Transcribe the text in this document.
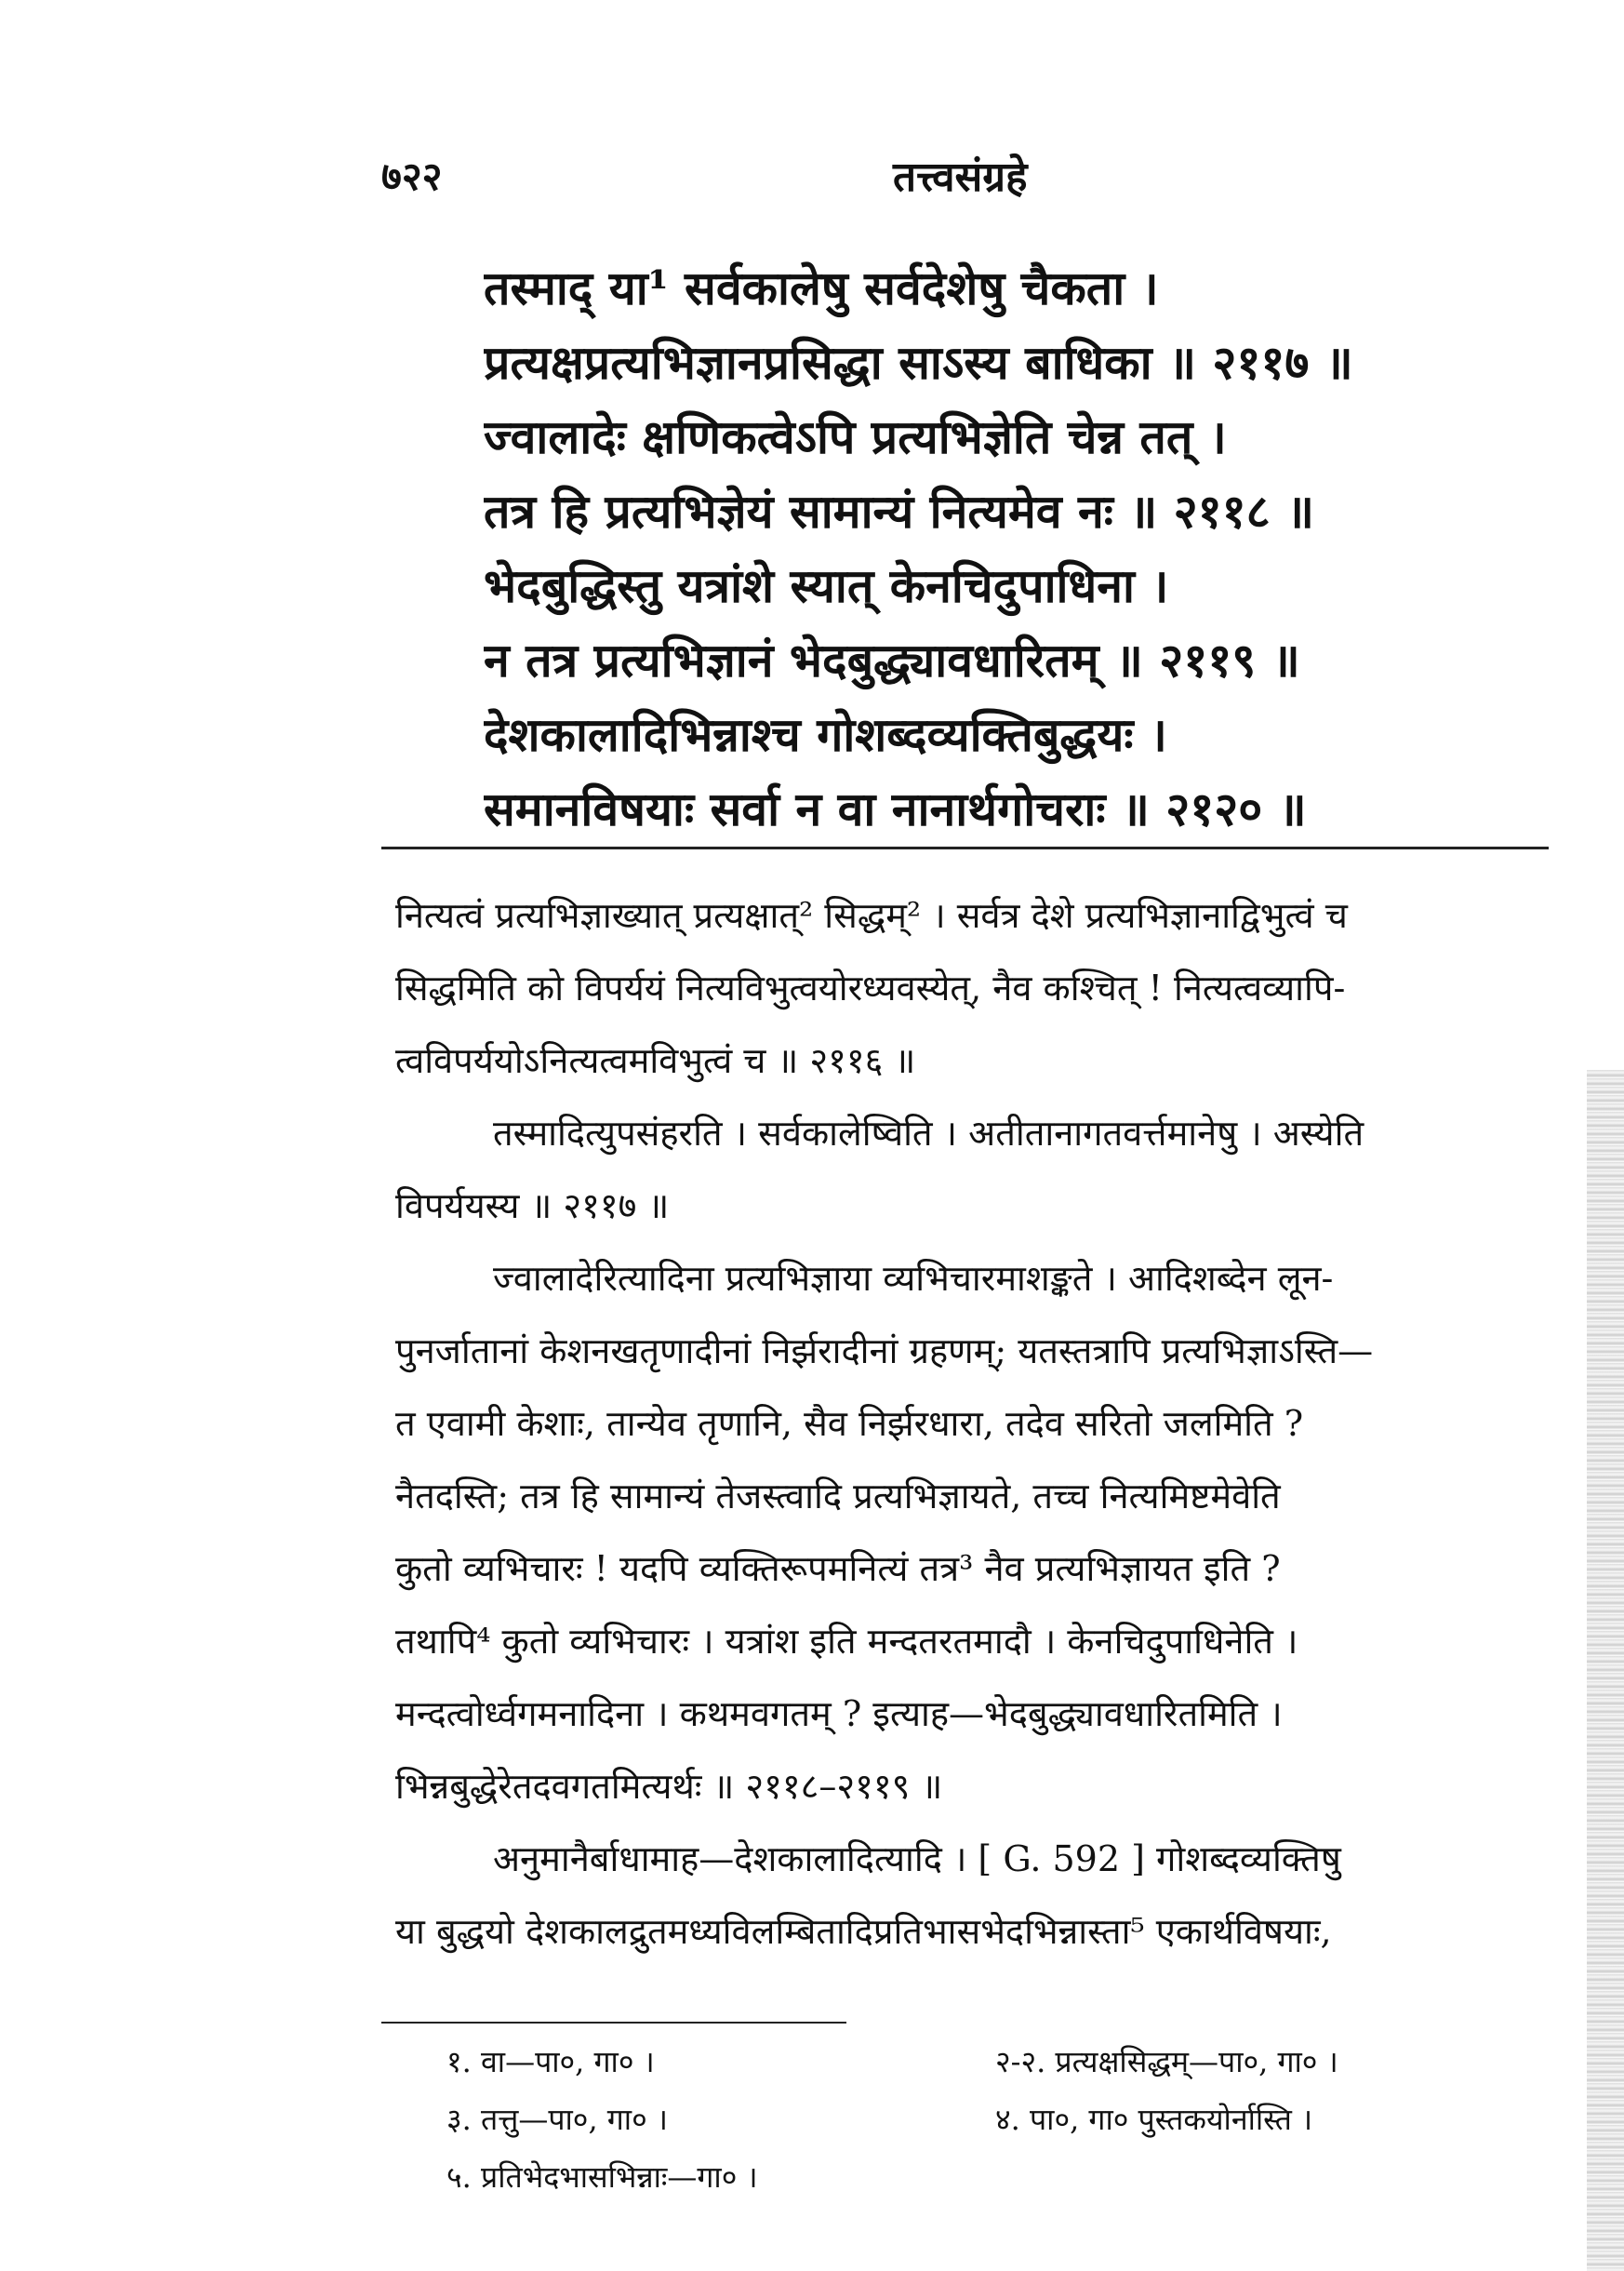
७२२	तत्त्वसंग्रहे
तस्माद् या¹ सर्वकालेषु सर्वदेशेषु चैकता ।
प्रत्यक्षप्रत्यभिज्ञानप्रसिद्धा साऽस्य बाधिका ॥ २११७ ॥
ज्वालादेः क्षणिकत्वेऽपि प्रत्यभिज्ञेति चेन्न तत् ।
तत्र हि प्रत्यभिज्ञेयं सामान्यं नित्यमेव नः ॥ २११८ ॥
भेदबुद्धिस्तु यत्रांशे स्यात् केनचिदुपाधिना ।
न तत्र प्रत्यभिज्ञानं भेदबुद्ध्यावधारितम् ॥ २११९ ॥
देशकालादिभिन्नाश्च गोशब्दव्यक्तिबुद्धयः ।
समानविषयाः सर्वा न वा नानार्थगोचराः ॥ २१२० ॥
नित्यत्वं प्रत्यभिज्ञाख्यात् प्रत्यक्षात्² सिद्धम्² । सर्वत्र देशे प्रत्यभिज्ञानाद्विभुत्वं च
सिद्धमिति को विपर्ययं नित्यविभुत्वयोरध्यवस्येत्, नैव कश्चित् ! नित्यत्वव्यापि-
त्वविपर्ययोऽनित्यत्वमविभुत्वं च ॥ २११६ ॥
तस्मादित्युपसंहरति । सर्वकालेष्विति । अतीतानागतवर्त्तमानेषु । अस्येति
विपर्ययस्य ॥ २११७ ॥
ज्वालादेरित्यादिना प्रत्यभिज्ञाया व्यभिचारमाशङ्कते । आदिशब्देन लून-
पुनर्जातानां केशनखतृणादीनां निर्झरादीनां ग्रहणम्; यतस्तत्रापि प्रत्यभिज्ञाऽस्ति—
त एवामी केशाः, तान्येव तृणानि, सैव निर्झरधारा, तदेव सरितो जलमिति ?
नैतदस्ति; तत्र हि सामान्यं तेजस्त्वादि प्रत्यभिज्ञायते, तच्च नित्यमिष्टमेवेति
कुतो व्यभिचारः ! यदपि व्यक्तिरूपमनित्यं तत्र³ नैव प्रत्यभिज्ञायत इति ?
तथापि⁴ कुतो व्यभिचारः । यत्रांश इति मन्दतरतमादौ । केनचिदुपाधिनेति ।
मन्दत्वोर्ध्वगमनादिना । कथमवगतम् ? इत्याह—भेदबुद्ध्यावधारितमिति ।
भिन्नबुद्धेरेतदवगतमित्यर्थः ॥ २११८–२११९ ॥
अनुमानैर्बाधामाह—देशकालादित्यादि । [ G. 592 ] गोशब्दव्यक्तिषु
या बुद्धयो देशकालद्रुतमध्यविलम्बितादिप्रतिभासभेदभिन्नास्ता⁵ एकार्थविषयाः,
१. वा—पा०, गा० ।	२-२. प्रत्यक्षसिद्धम्—पा०, गा० ।
३. तत्तु—पा०, गा० ।	४. पा०, गा० पुस्तकयोर्नास्ति ।
५. प्रतिभेदभासभिन्नाः—गा० ।
